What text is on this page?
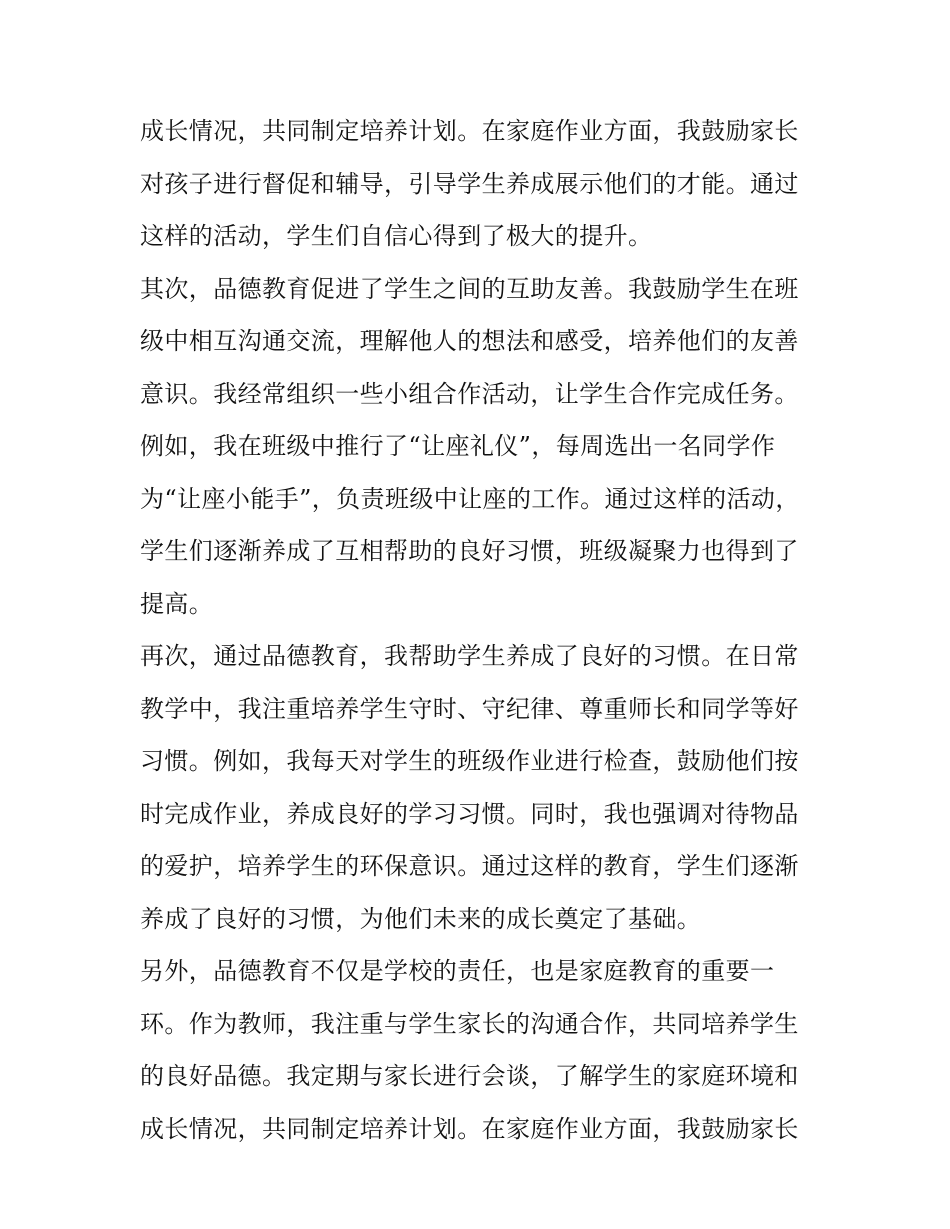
成长情况，共同制定培养计划。在家庭作业方面，我鼓励家长
对孩子进行督促和辅导，引导学生养成展示他们的才能。通过
这样的活动，学生们自信心得到了极大的提升。
其次，品德教育促进了学生之间的互助友善。我鼓励学生在班
级中相互沟通交流，理解他人的想法和感受，培养他们的友善
意识。我经常组织一些小组合作活动，让学生合作完成任务。
例如，我在班级中推行了“让座礼仪”，每周选出一名同学作
为“让座小能手”，负责班级中让座的工作。通过这样的活动，
学生们逐渐养成了互相帮助的良好习惯，班级凝聚力也得到了
提高。
再次，通过品德教育，我帮助学生养成了良好的习惯。在日常
教学中，我注重培养学生守时、守纪律、尊重师长和同学等好
习惯。例如，我每天对学生的班级作业进行检查，鼓励他们按
时完成作业，养成良好的学习习惯。同时，我也强调对待物品
的爱护，培养学生的环保意识。通过这样的教育，学生们逐渐
养成了良好的习惯，为他们未来的成长奠定了基础。
另外，品德教育不仅是学校的责任，也是家庭教育的重要一
环。作为教师，我注重与学生家长的沟通合作，共同培养学生
的良好品德。我定期与家长进行会谈，了解学生的家庭环境和
成长情况，共同制定培养计划。在家庭作业方面，我鼓励家长
